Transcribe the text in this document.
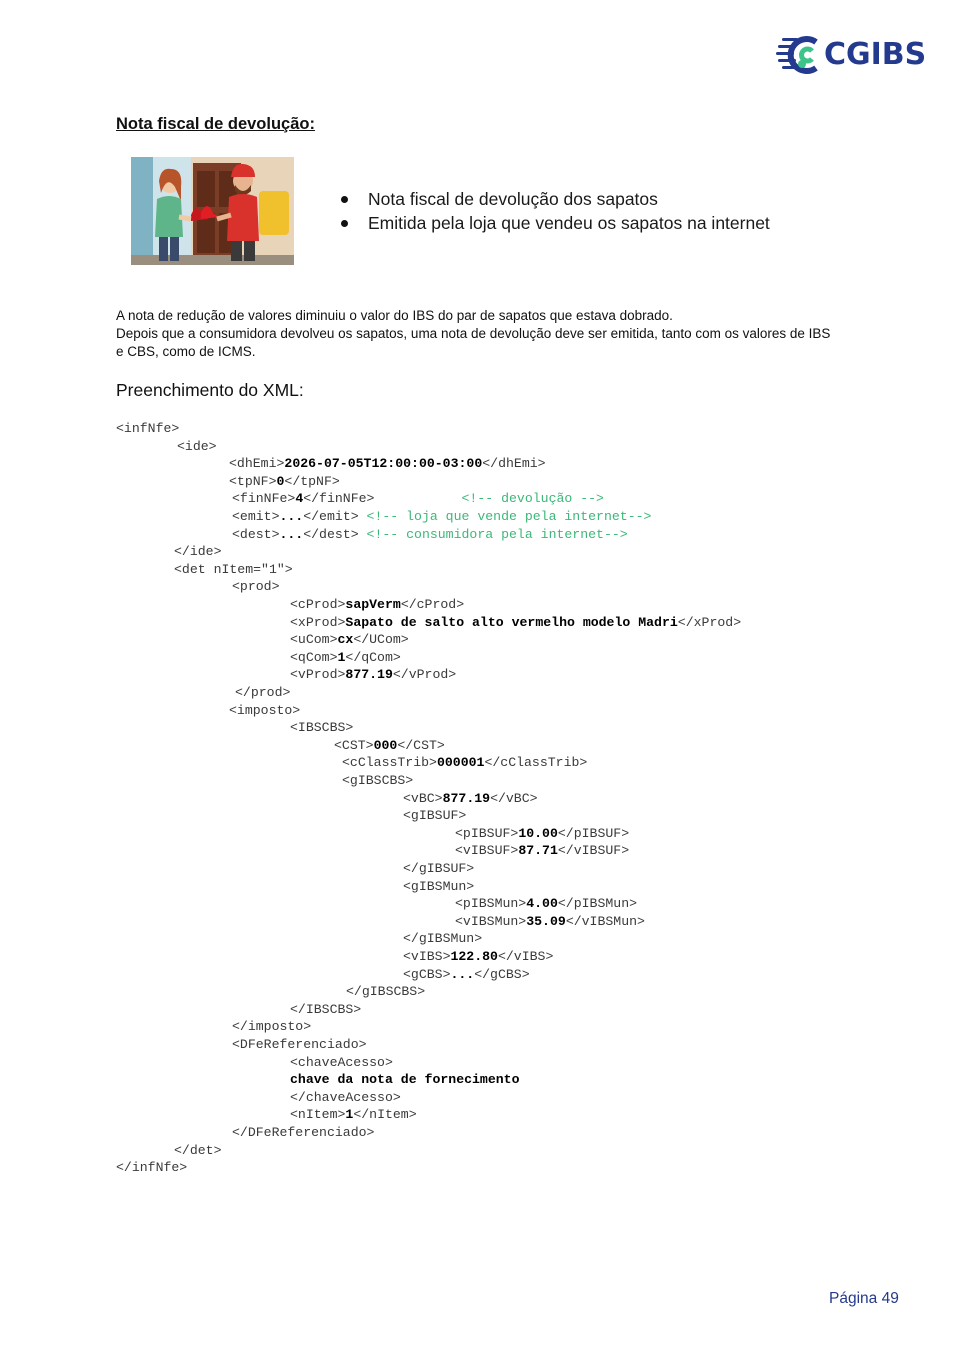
CGIBS
Nota fiscal de devolução:
Nota fiscal de devolução dos sapatos
Emitida pela loja que vendeu os sapatos na internet

A nota de redução de valores diminuiu o valor do IBS do par de sapatos que estava dobrado.

Depois que a consumidora devolveu os sapatos, uma nota de devolução deve ser emitida, tanto com os valores de IBS e CBS, como de ICMS.

Preenchimento do XML:
<infNfe>
<ide>
<dhEmi>2026-07-05T12:00:00-03:00</dhEmi>
<tpNF>0</tpNF>
<finNFe>4</finNFe>           <!-- devolução -->
<emit>...</emit> <!-- loja que vende pela internet-->
<dest>...</dest> <!-- consumidora pela internet-->
</ide>
<det nItem="1">
<prod>
<cProd>sapVerm</cProd>
<xProd>Sapato de salto alto vermelho modelo Madri</xProd>
<uCom>cx</UCom>
<qCom>1</qCom>
<vProd>877.19</vProd>
</prod>
<imposto>
<IBSCBS>
<CST>000</CST>
<cClassTrib>000001</cClassTrib>
<gIBSCBS>
<vBC>877.19</vBC>
<gIBSUF>
<pIBSUF>10.00</pIBSUF>
<vIBSUF>87.71</vIBSUF>
</gIBSUF>
<gIBSMun>
<pIBSMun>4.00</pIBSMun>
<vIBSMun>35.09</vIBSMun>
</gIBSMun>
<vIBS>122.80</vIBS>
<gCBS>...</gCBS>
</gIBSCBS>
</IBSCBS>
</imposto>
<DFeReferenciado>
<chaveAcesso>
chave da nota de fornecimento
</chaveAcesso>
<nItem>1</nItem>
</DFeReferenciado>
</det>
</infNfe>
Página 49
